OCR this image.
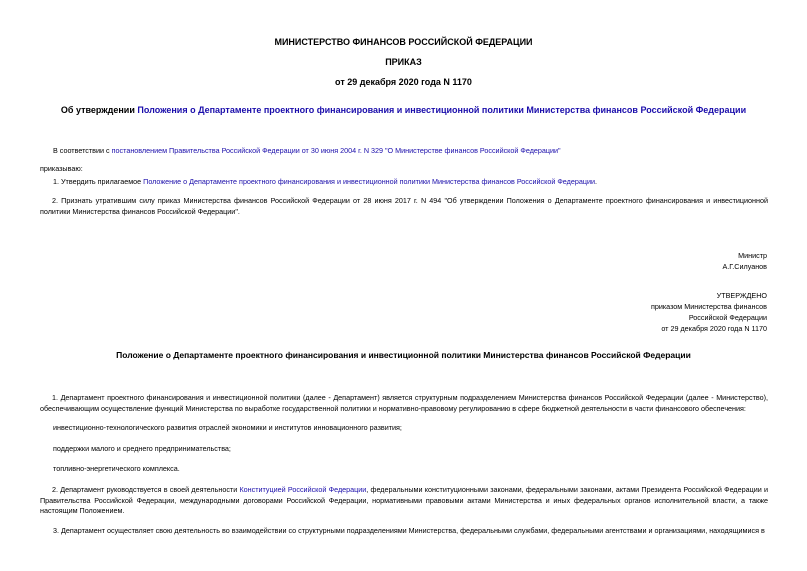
МИНИСТЕРСТВО ФИНАНСОВ РОССИЙСКОЙ ФЕДЕРАЦИИ
ПРИКАЗ
от 29 декабря 2020 года N 1170
Об утверждении Положения о Департаменте проектного финансирования и инвестиционной политики Министерства финансов Российской Федерации
В соответствии с постановлением Правительства Российской Федерации от 30 июня 2004 г. N 329 "О Министерстве финансов Российской Федерации"
приказываю:
1. Утвердить прилагаемое Положение о Департаменте проектного финансирования и инвестиционной политики Министерства финансов Российской Федерации.
2. Признать утратившим силу приказ Министерства финансов Российской Федерации от 28 июня 2017 г. N 494 "Об утверждении Положения о Департаменте проектного финансирования и инвестиционной политики Министерства финансов Российской Федерации".
Министр
А.Г.Силуанов
УТВЕРЖДЕНО
приказом Министерства финансов
Российской Федерации
от 29 декабря 2020 года N 1170
Положение о Департаменте проектного финансирования и инвестиционной политики Министерства финансов Российской Федерации
1. Департамент проектного финансирования и инвестиционной политики (далее - Департамент) является структурным подразделением Министерства финансов Российской Федерации (далее - Министерство), обеспечивающим осуществление функций Министерства по выработке государственной политики и нормативно-правовому регулированию в сфере бюджетной деятельности в части финансового обеспечения:
инвестиционно-технологического развития отраслей экономики и институтов инновационного развития;
поддержки малого и среднего предпринимательства;
топливно-энергетического комплекса.
2. Департамент руководствуется в своей деятельности Конституцией Российской Федерации, федеральными конституционными законами, федеральными законами, актами Президента Российской Федерации и Правительства Российской Федерации, международными договорами Российской Федерации, нормативными правовыми актами Министерства и иных федеральных органов исполнительной власти, а также настоящим Положением.
3. Департамент осуществляет свою деятельность во взаимодействии со структурными подразделениями Министерства, федеральными службами, федеральными агентствами и организациями, находящимися в
